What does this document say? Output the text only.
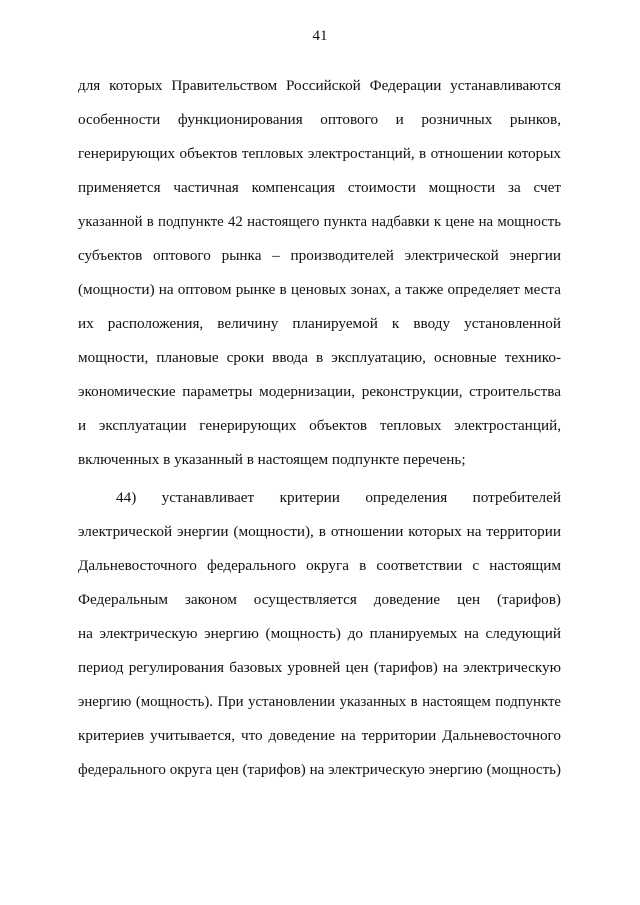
41
для которых Правительством Российской Федерации устанавливаются
особенности функционирования оптового и розничных рынков,
генерирующих объектов тепловых электростанций, в отношении которых
применяется частичная компенсация стоимости мощности за счет
указанной в подпункте 42 настоящего пункта надбавки к цене на мощность
субъектов оптового рынка – производителей электрической энергии
(мощности) на оптовом рынке в ценовых зонах, а также определяет места
их расположения, величину планируемой к вводу установленной
мощности, плановые сроки ввода в эксплуатацию, основные технико-
экономические параметры модернизации, реконструкции, строительства
и эксплуатации генерирующих объектов тепловых электростанций,
включенных в указанный в настоящем подпункте перечень;
44) устанавливает критерии определения потребителей
электрической энергии (мощности), в отношении которых на территории
Дальневосточного федерального округа в соответствии с настоящим
Федеральным законом осуществляется доведение цен (тарифов)
на электрическую энергию (мощность) до планируемых на следующий
период регулирования базовых уровней цен (тарифов) на электрическую
энергию (мощность). При установлении указанных в настоящем подпункте
критериев учитывается, что доведение на территории Дальневосточного
федерального округа цен (тарифов) на электрическую энергию (мощность)
